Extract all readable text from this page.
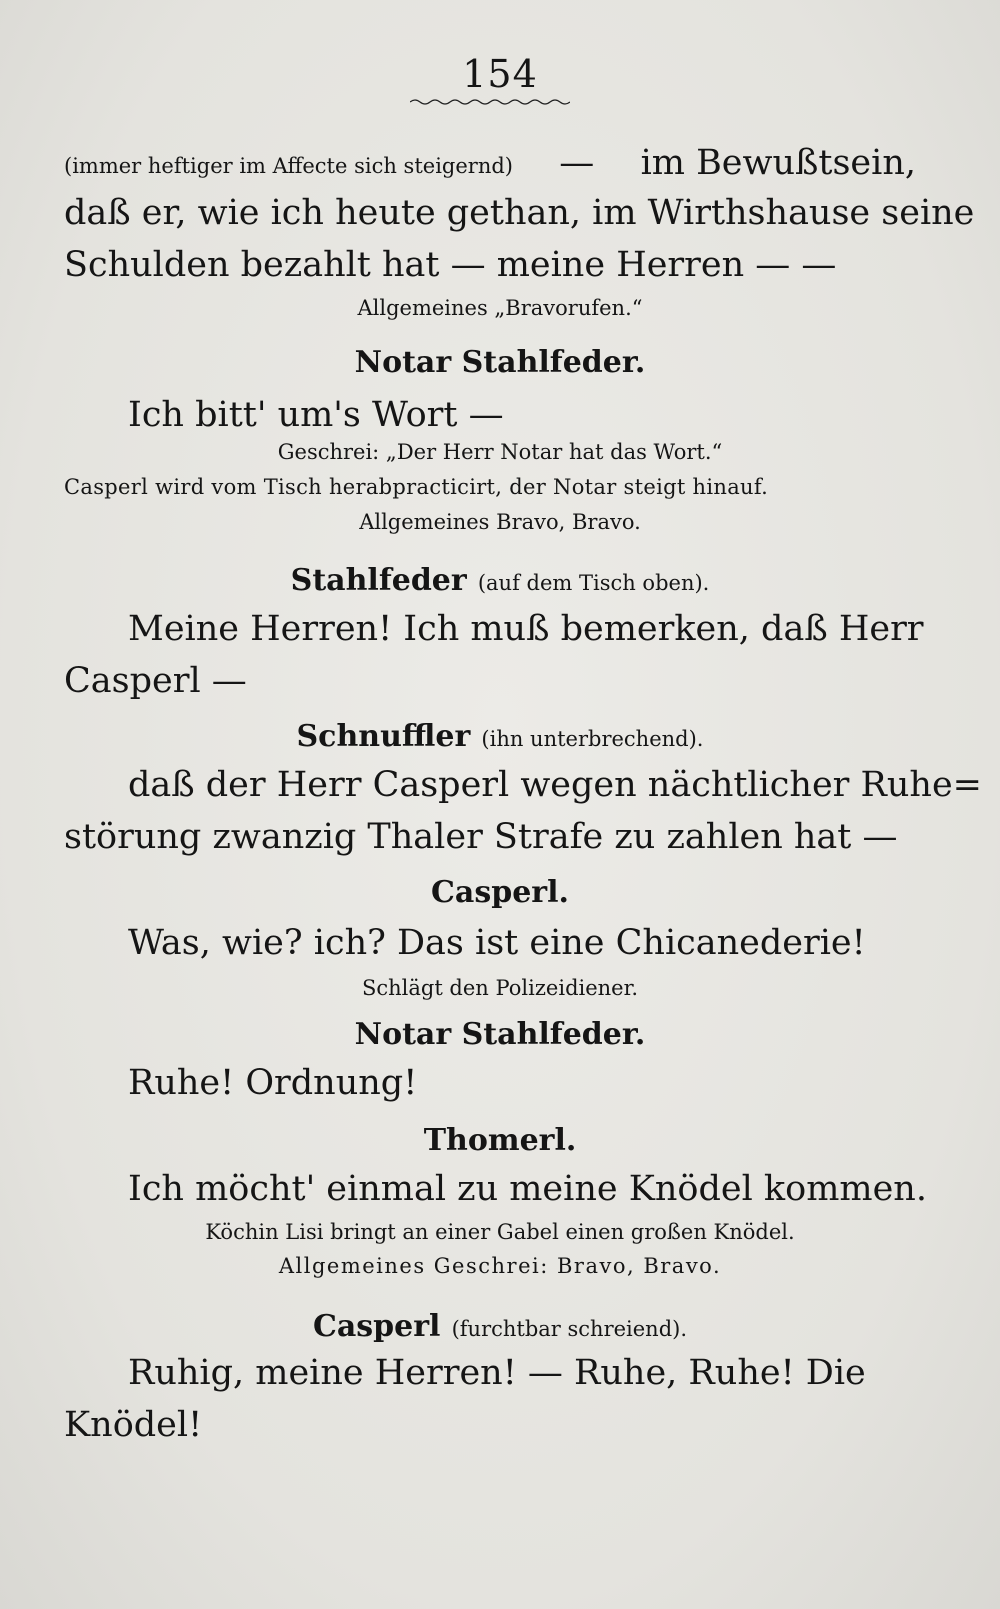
154
(immer heftiger im Affecte sich steigernd) — im Bewußtsein,
daß er, wie ich heute gethan, im Wirthshause seine
Schulden bezahlt hat — meine Herren — —
Allgemeines „Bravorufen.“
Notar Stahlfeder.
Ich bitt' um's Wort —
Geschrei: „Der Herr Notar hat das Wort.“
Casperl wird vom Tisch herabpracticirt, der Notar steigt hinauf.
Allgemeines Bravo, Bravo.
Stahlfeder (auf dem Tisch oben).
Meine Herren! Ich muß bemerken, daß Herr
Casperl —
Schnuffler (ihn unterbrechend).
daß der Herr Casperl wegen nächtlicher Ruhe=
störung zwanzig Thaler Strafe zu zahlen hat —
Casperl.
Was, wie? ich? Das ist eine Chicanederie!
Schlägt den Polizeidiener.
Notar Stahlfeder.
Ruhe! Ordnung!
Thomerl.
Ich möcht' einmal zu meine Knödel kommen.
Köchin Lisi bringt an einer Gabel einen großen Knödel.
Allgemeines Geschrei: Bravo, Bravo.
Casperl (furchtbar schreiend).
Ruhig, meine Herren! — Ruhe, Ruhe! Die
Knödel!
